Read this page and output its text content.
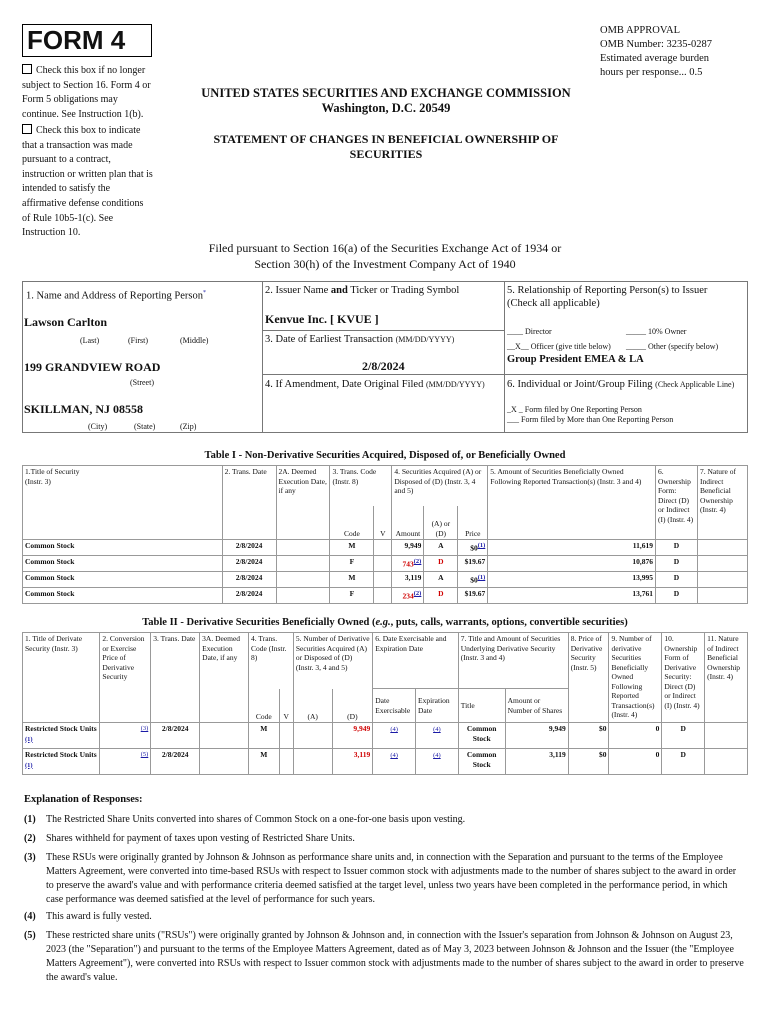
FORM 4	OMB APPROVAL
OMB Number: 3235-0287
Estimated average burden
hours per response... 0.5
Check this box if no longer
subject to Section 16. Form 4 or
Form 5 obligations may
continue. See Instruction 1(b).
Check this box to indicate
that a transaction was made
pursuant to a contract,
instruction or written plan that is
intended to satisfy the
affirmative defense conditions
of Rule 10b5-1(c). See
Instruction 10.
UNITED STATES SECURITIES AND EXCHANGE COMMISSION
Washington, D.C. 20549
STATEMENT OF CHANGES IN BENEFICIAL OWNERSHIP OF
SECURITIES
Filed pursuant to Section 16(a) of the Securities Exchange Act of 1934 or
Section 30(h) of the Investment Company Act of 1940
1. Name and Address of Reporting Person*
Lawson Carlton
(Last)	(First)	(Middle)
199 GRANDVIEW ROAD
(Street)
SKILLMAN, NJ 08558
(City)	(State)	(Zip)
2. Issuer Name and Ticker or Trading Symbol
Kenvue Inc. [ KVUE ]
3. Date of Earliest Transaction (MM/DD/YYYY)
2/8/2024
4. If Amendment, Date Original Filed (MM/DD/YYYY)
5. Relationship of Reporting Person(s) to Issuer
(Check all applicable)
____ Director	_____ 10% Owner
__X__ Officer (give title below) _____ Other (specify below)
Group President EMEA & LA
6. Individual or Joint/Group Filing (Check Applicable Line)
_X _ Form filed by One Reporting Person
___ Form filed by More than One Reporting Person
Table I - Non-Derivative Securities Acquired, Disposed of, or Beneficially Owned
1.Title of Security
(Instr. 3)	2. Trans. Date	2A. Deemed Execution Date, if any	3. Trans. Code (Instr. 8)		4. Securities Acquired (A) or Disposed of (D) (Instr. 3, 4 and 5)			5. Amount of Securities Beneficially Owned Following Reported Transaction(s) (Instr. 3 and 4)	6. Ownership Form: Direct (D) or Indirect (I) (Instr. 4)	7. Nature of Indirect Beneficial Ownership (Instr. 4)
			Code	V	Amount	(A) or (D)	Price			
Common Stock	2/8/2024		M		9,949	A	$0$^{(1)}$	11,619	D	
Common Stock	2/8/2024		F		743$^{(2)}$	D	$19.67	10,876	D	
Common Stock	2/8/2024		M		3,119	A	$0$^{(1)}$	13,995	D	
Common Stock	2/8/2024		F		234$^{(2)}$	D	$19.67	13,761	D	
Table II - Derivative Securities Beneficially Owned (e.g., puts, calls, warrants, options, convertible securities)
1. Title of Derivate Security (Instr. 3)	2. Conversion or Exercise Price of Derivative Security	3. Trans. Date	3A. Deemed Execution Date, if any	4. Trans. Code (Instr. 8)		5. Number of Derivative Securities Acquired (A) or Disposed of (D) (Instr. 3, 4 and 5)		6. Date Exercisable and Expiration Date		7. Title and Amount of Securities Underlying Derivative Security (Instr. 3 and 4)		8. Price of Derivative Security (Instr. 5)	9. Number of derivative Securities Beneficially Owned Following Reported Transaction(s) (Instr. 4)	10. Ownership Form of Derivative Security: Direct (D) or Indirect (I) (Instr. 4)	11. Nature of Indirect Beneficial Ownership (Instr. 4)
				Code	V	(A)	(D)	Date Exercisable	Expiration Date	Title	Amount or Number of Shares				
Restricted Stock Units $^{(1)}$	$^{(3)}$	2/8/2024		M			9,949	(4)	(4)	Common Stock	9,949	$0	0	D	
Restricted Stock Units $^{(1)}$	$^{(5)}$	2/8/2024		M			3,119	(4)	(4)	Common Stock	3,119	$0	0	D	
Explanation of Responses:
(1) The Restricted Share Units converted into shares of Common Stock on a one-for-one basis upon vesting.
(2) Shares withheld for payment of taxes upon vesting of Restricted Share Units.
(3) These RSUs were originally granted by Johnson & Johnson as performance share units and, in connection with the Separation and pursuant to the terms of the Employee Matters Agreement, were converted into time-based RSUs with respect to Issuer common stock with adjustments made to the number of shares subject to the award in order to preserve the award's value and with performance criteria deemed satisfied at the target level, unless two years have been completed in the performance period, in which case performance was deemed satisfied at the level of performance for such years.
(4) This award is fully vested.
(5) These restricted share units ("RSUs") were originally granted by Johnson & Johnson and, in connection with the Issuer's separation from Johnson & Johnson on August 23, 2023 (the "Separation") and pursuant to the terms of the Employee Matters Agreement, dated as of May 3, 2023 between Johnson & Johnson and the Issuer (the "Employee Matters Agreement"), were converted into RSUs with respect to Issuer common stock with adjustments made to the number of shares subject to the award in order to preserve the award's value.
